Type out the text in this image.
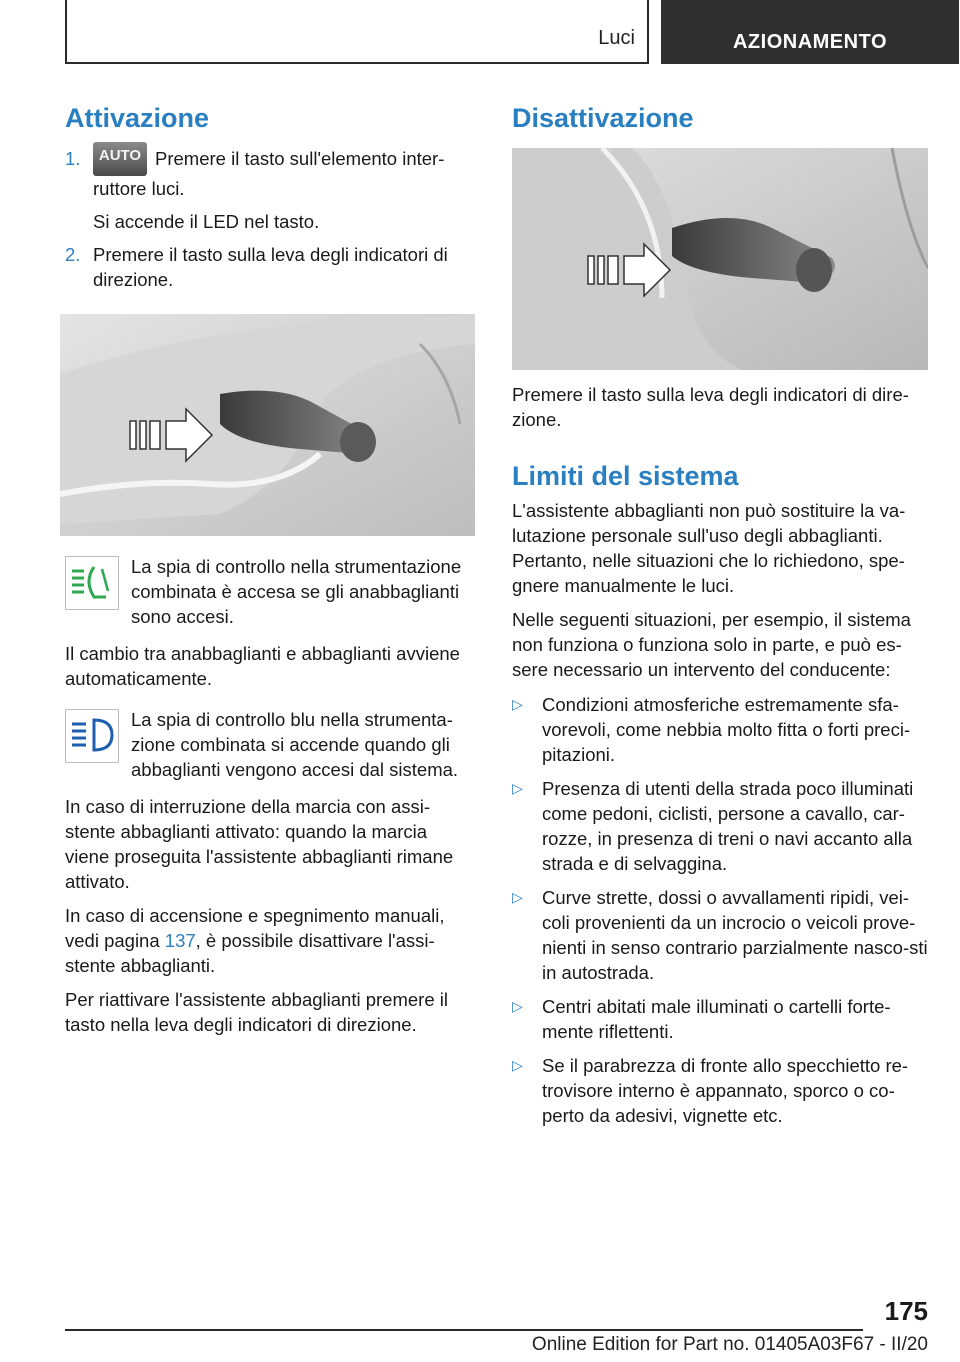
Luci	AZIONAMENTO
Attivazione
1. AUTO Premere il tasto sull'elemento inter-ruttore luci.
Si accende il LED nel tasto.
2. Premere il tasto sulla leva degli indicatori di direzione.

La spia di controllo nella strumentazione combinata è accesa se gli anabbaglianti sono accesi.

Il cambio tra anabbaglianti e abbaglianti avviene automaticamente.

La spia di controllo blu nella strumenta-zione combinata si accende quando gli abbaglianti vengono accesi dal sistema.

In caso di interruzione della marcia con assi-stente abbaglianti attivato: quando la marcia viene proseguita l'assistente abbaglianti rimane attivato.

In caso di accensione e spegnimento manuali, vedi pagina 137, è possibile disattivare l'assi-stente abbaglianti.

Per riattivare l'assistente abbaglianti premere il tasto nella leva degli indicatori di direzione.

Disattivazione

Premere il tasto sulla leva degli indicatori di dire-zione.

Limiti del sistema

L'assistente abbaglianti non può sostituire la va-lutazione personale sull'uso degli abbaglianti. Pertanto, nelle situazioni che lo richiedono, spe-gnere manualmente le luci.

Nelle seguenti situazioni, per esempio, il sistema non funziona o funziona solo in parte, e può es-sere necessario un intervento del conducente:

▷ Condizioni atmosferiche estremamente sfa-vorevoli, come nebbia molto fitta o forti preci-pitazioni.
▷ Presenza di utenti della strada poco illuminati come pedoni, ciclisti, persone a cavallo, car-rozze, in presenza di treni o navi accanto alla strada e di selvaggina.
▷ Curve strette, dossi o avvallamenti ripidi, vei-coli provenienti da un incrocio o veicoli prove-nienti in senso contrario parzialmente nasco-sti in autostrada.
▷ Centri abitati male illuminati o cartelli forte-mente riflettenti.
▷ Se il parabrezza di fronte allo specchietto re-trovisore interno è appannato, sporco o co-perto da adesivi, vignette etc.
175
Online Edition for Part no. 01405A03F67 - II/20
